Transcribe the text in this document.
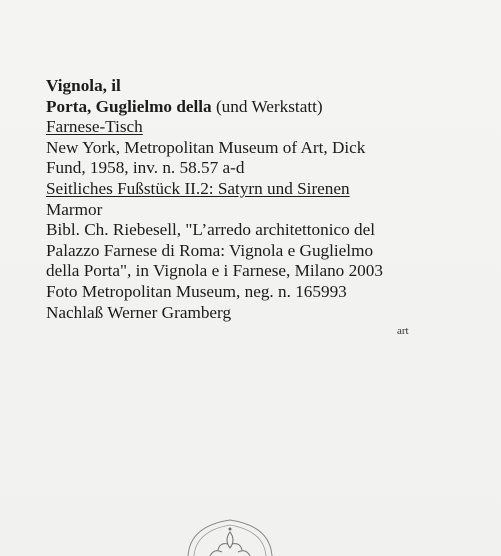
Vignola, il
Porta, Guglielmo della (und Werkstatt)
Farnese-Tisch
New York, Metropolitan Museum of Art, Dick
Fund, 1958, inv. n. 58.57 a-d
Seitliches Fußstück II.2: Satyrn und Sirenen
Marmor
Bibl. Ch. Riebesell, "L’arredo architettonico del
Palazzo Farnese di Roma: Vignola e Guglielmo
della Porta", in Vignola e i Farnese, Milano 2003
Foto Metropolitan Museum, neg. n. 165993
Nachlaß Werner Gramberg
art
